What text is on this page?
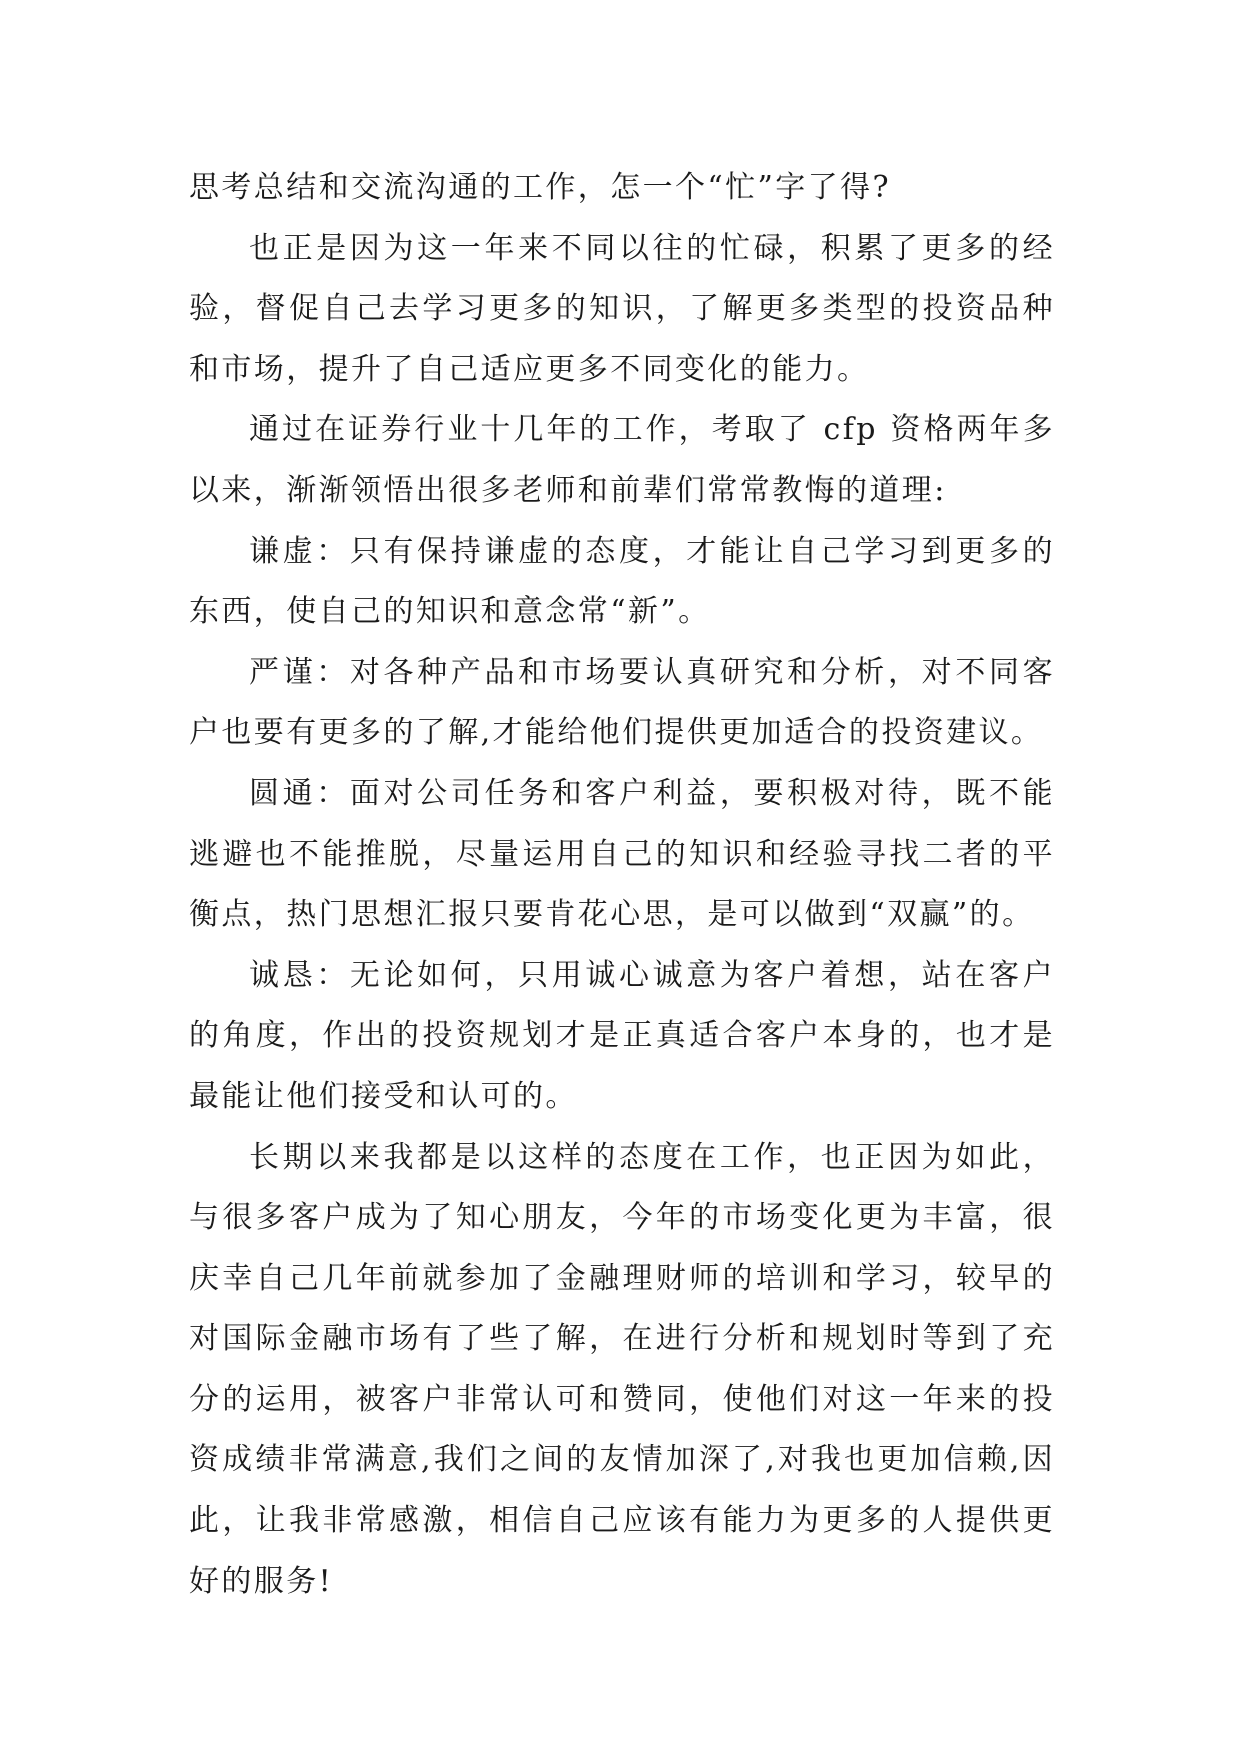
思考总结和交流沟通的工作，怎一个“忙”字了得?

也正是因为这一年来不同以往的忙碌，积累了更多的经验，督促自己去学习更多的知识，了解更多类型的投资品种和市场，提升了自己适应更多不同变化的能力。

通过在证券行业十几年的工作，考取了 cfp 资格两年多以来，渐渐领悟出很多老师和前辈们常常教悔的道理:

谦虚：只有保持谦虚的态度，才能让自己学习到更多的东西，使自己的知识和意念常“新”。

严谨：对各种产品和市场要认真研究和分析，对不同客户也要有更多的了解,才能给他们提供更加适合的投资建议。

圆通：面对公司任务和客户利益，要积极对待，既不能逃避也不能推脱，尽量运用自己的知识和经验寻找二者的平衡点，热门思想汇报只要肯花心思，是可以做到“双赢”的。

诚恳：无论如何，只用诚心诚意为客户着想，站在客户的角度，作出的投资规划才是正真适合客户本身的，也才是最能让他们接受和认可的。

长期以来我都是以这样的态度在工作，也正因为如此，与很多客户成为了知心朋友，今年的市场变化更为丰富，很庆幸自己几年前就参加了金融理财师的培训和学习，较早的对国际金融市场有了些了解，在进行分析和规划时等到了充分的运用，被客户非常认可和赞同，使他们对这一年来的投资成绩非常满意,我们之间的友情加深了,对我也更加信赖,因此，让我非常感激，相信自己应该有能力为更多的人提供更好的服务!
